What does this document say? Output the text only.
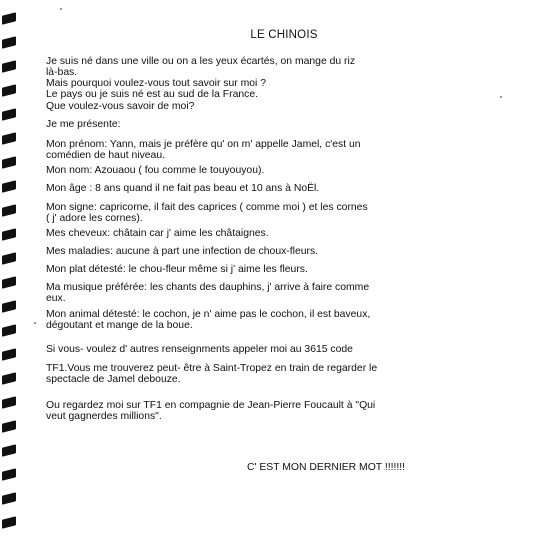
LE CHINOIS

Je suis né dans une ville ou on a les yeux écartés, on mange du riz
là-bas.
Mais pourquoi voulez-vous tout savoir sur moi ?
Le pays ou je suis né est au sud de la France.

Que voulez-vous savoir de moi?

Je me présente:

Mon prénom: Yann, mais je préfère qu' on m' appelle Jamel, c'est un
comédien de haut niveau.

Mon nom: Azouaou ( fou comme le touyouyou).

Mon âge : 8 ans quand il ne fait pas beau et 10 ans à NoËl.

Mon signe: capricorne, il fait des caprices ( comme moi ) et les cornes
( j' adore les cornes).

Mes cheveux: châtain car j' aime les châtaignes.

Mes maladies: aucune à part une infection de choux-fleurs.

Mon plat détesté: le chou-fleur même si j' aime les fleurs.

Ma musique préférée: les chants des dauphins, j' arrive à faire comme
eux.

Mon animal détesté: le cochon, je n' aime pas le cochon, il est baveux,
dégoutant et mange de la boue.

Si vous- voulez d' autres renseignments appeler moi au 3615 code

TF1.Vous me trouverez peut- être à Saint-Tropez en train de regarder le
spectacle de Jamel debouze.

Ou regardez moi sur TF1 en compagnie de Jean-Pierre Foucault à "Qui
veut gagnerdes millions".

C' EST MON DERNIER MOT !!!!!!!
